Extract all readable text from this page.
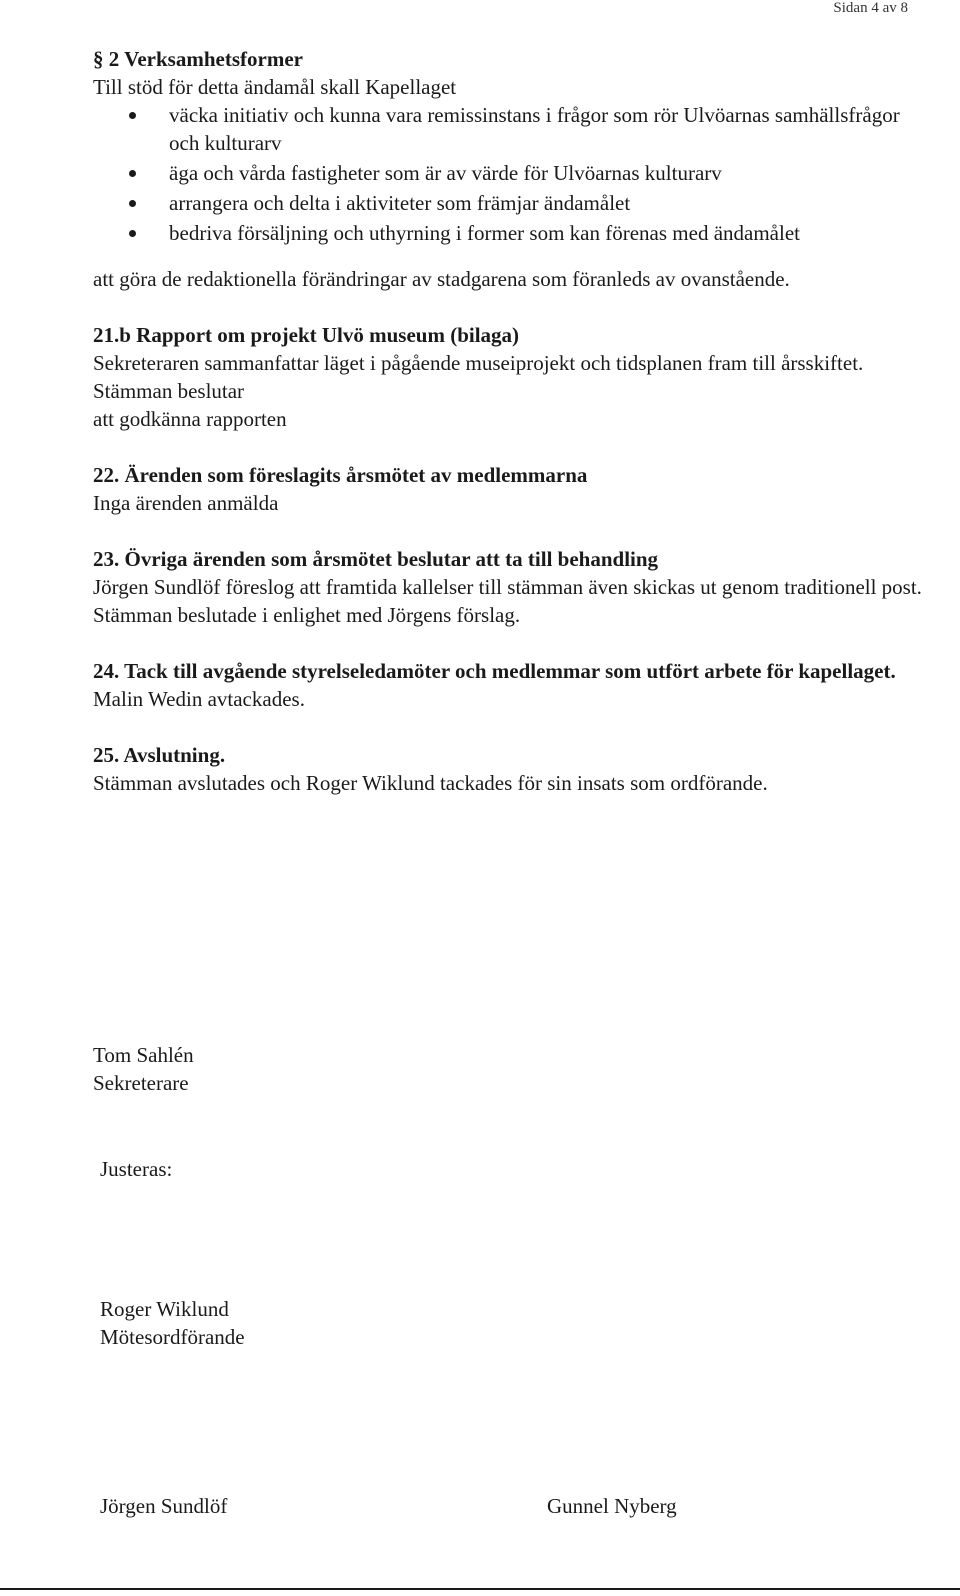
Sidan 4 av 8

§ 2 Verksamhetsformer

Till stöd för detta ändamål skall Kapellaget

väcka initiativ och kunna vara remissinstans i frågor som rör Ulvöarnas samhällsfrågor och kulturarv
äga och vårda fastigheter som är av värde för Ulvöarnas kulturarv
arrangera och delta i aktiviteter som främjar ändamålet
bedriva försäljning och uthyrning i former som kan förenas med ändamålet

att göra de redaktionella förändringar av stadgarena som föranleds av ovanstående.

21.b Rapport om projekt Ulvö museum (bilaga)

Sekreteraren sammanfattar läget i pågående museiprojekt och tidsplanen fram till årsskiftet.

Stämman beslutar

att godkänna rapporten

22. Ärenden som föreslagits årsmötet av medlemmarna

Inga ärenden anmälda

23. Övriga ärenden som årsmötet beslutar att ta till behandling

Jörgen Sundlöf föreslog att framtida kallelser till stämman även skickas ut genom traditionell post.

Stämman beslutade i enlighet med Jörgens förslag.

24. Tack till avgående styrelseledamöter och medlemmar som utfört arbete för kapellaget.

Malin Wedin avtackades.

25. Avslutning.

Stämman avslutades och Roger Wiklund tackades för sin insats som ordförande.

Tom Sahlén
Sekreterare
Justeras:
Roger Wiklund
Mötesordförande
Jörgen Sundlöf	Gunnel Nyberg
